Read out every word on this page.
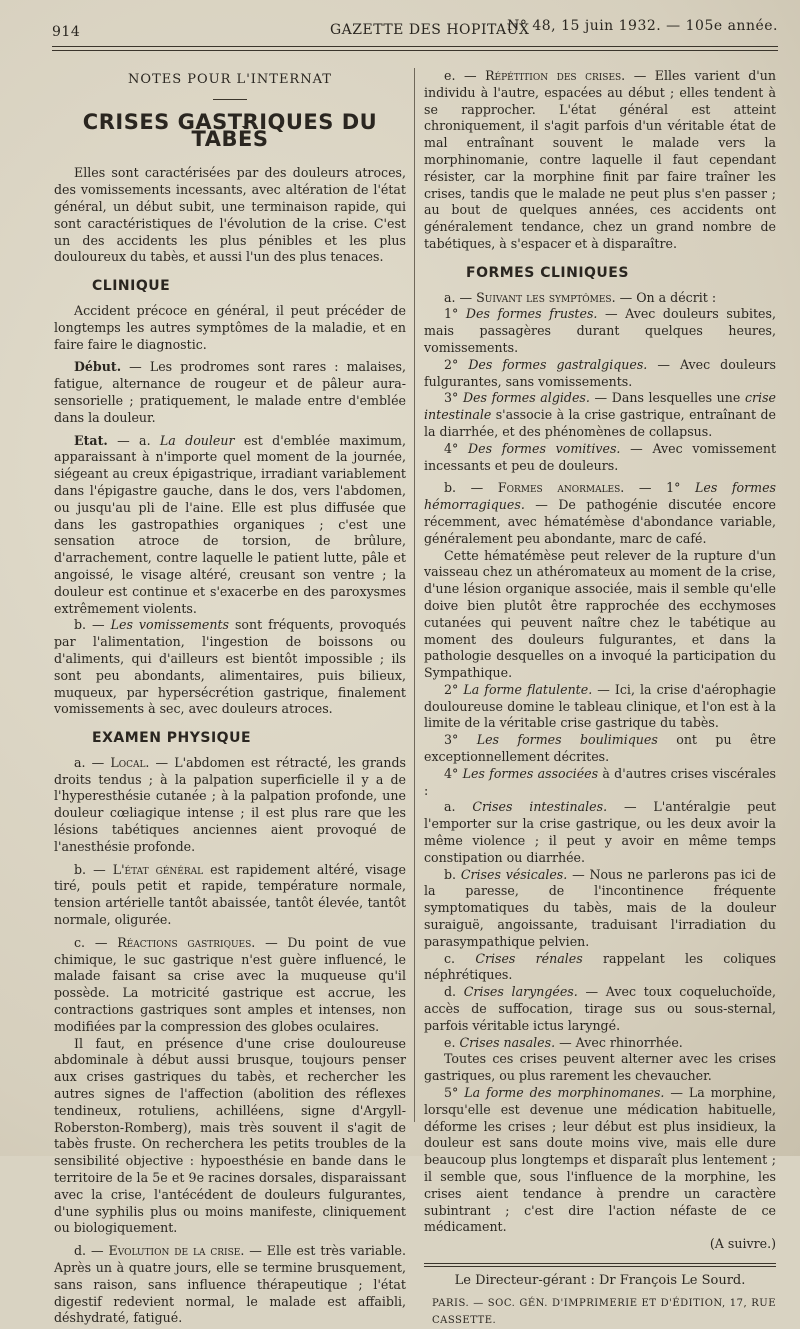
914	GAZETTE DES HOPITAUX
N° 48, 15 juin 1932. — 105e année.
NOTES POUR L'INTERNAT
CRISES GASTRIQUES DU TABÈS

Elles sont caractérisées par des douleurs atroces, des vomissements incessants, avec altération de l'état général, un début subit, une terminaison rapide, qui sont caractéristiques de l'évolution de la crise. C'est un des accidents les plus pénibles et les plus douloureux du tabès, et aussi l'un des plus tenaces.

CLINIQUE

Accident précoce en général, il peut précéder de longtemps les autres symptômes de la maladie, et en faire faire le diagnostic.

Début. — Les prodromes sont rares : malaises, fatigue, alternance de rougeur et de pâleur aura-sensorielle ; pratiquement, le malade entre d'emblée dans la douleur.

Etat. — a. La douleur est d'emblée maximum, apparaissant à n'importe quel moment de la journée, siégeant au creux épigastrique, irradiant variablement dans l'épigastre gauche, dans le dos, vers l'abdomen, ou jusqu'au pli de l'aine. Elle est plus diffusée que dans les gastropathies organiques ; c'est une sensation atroce de torsion, de brûlure, d'arrachement, contre laquelle le patient lutte, pâle et angoissé, le visage altéré, creusant son ventre ; la douleur est continue et s'exacerbe en des paroxysmes extrêmement violents.

b. — Les vomissements sont fréquents, provoqués par l'alimentation, l'ingestion de boissons ou d'aliments, qui d'ailleurs est bientôt impossible ; ils sont peu abondants, alimentaires, puis bilieux, muqueux, par hypersécrétion gastrique, finalement vomissements à sec, avec douleurs atroces.

EXAMEN PHYSIQUE

a. — Local. — L'abdomen est rétracté, les grands droits tendus ; à la palpation superficielle il y a de l'hyperesthésie cutanée ; à la palpation profonde, une douleur cœliagique intense ; il est plus rare que les lésions tabétiques anciennes aient provoqué de l'anesthésie profonde.

b. — L'état général est rapidement altéré, visage tiré, pouls petit et rapide, température normale, tension artérielle tantôt abaissée, tantôt élevée, tantôt normale, oligurée.

c. — Réactions gastriques. — Du point de vue chimique, le suc gastrique n'est guère influencé, le malade faisant sa crise avec la muqueuse qu'il possède. La motricité gastrique est accrue, les contractions gastriques sont amples et intenses, non modifiées par la compression des globes oculaires.

Il faut, en présence d'une crise douloureuse abdominale à début aussi brusque, toujours penser aux crises gastriques du tabès, et rechercher les autres signes de l'affection (abolition des réflexes tendineux, rotuliens, achilléens, signe d'Argyll-Roberston-Romberg), mais très souvent il s'agit de tabès fruste. On recherchera les petits troubles de la sensibilité objective : hypoesthésie en bande dans le territoire de la 5e et 9e racines dorsales, disparaissant avec la crise, l'antécédent de douleurs fulgurantes, d'une syphilis plus ou moins manifeste, cliniquement ou biologiquement.

d. — Evolution de la crise. — Elle est très variable. Après un à quatre jours, elle se termine brusquement, sans raison, sans influence thérapeutique ; l'état digestif redevient normal, le malade est affaibli, déshydraté, fatigué.

e. — Répétition des crises. — Elles varient d'un individu à l'autre, espacées au début ; elles tendent à se rapprocher. L'état général est atteint chroniquement, il s'agit parfois d'un véritable état de mal entraînant souvent le malade vers la morphinomanie, contre laquelle il faut cependant résister, car la morphine finit par faire traîner les crises, tandis que le malade ne peut plus s'en passer ; au bout de quelques années, ces accidents ont généralement tendance, chez un grand nombre de tabétiques, à s'espacer et à disparaître.

FORMES CLINIQUES

a. — Suivant les symptômes. — On a décrit :

1° Des formes frustes. — Avec douleurs subites, mais passagères durant quelques heures, vomissements.

2° Des formes gastralgiques. — Avec douleurs fulgurantes, sans vomissements.

3° Des formes algides. — Dans lesquelles une crise intestinale s'associe à la crise gastrique, entraînant de la diarrhée, et des phénomènes de collapsus.

4° Des formes vomitives. — Avec vomissement incessants et peu de douleurs.

b. — Formes anormales. — 1° Les formes hémorragiques. — De pathogénie discutée encore récemment, avec hématémèse d'abondance variable, généralement peu abondante, marc de café.

Cette hématémèse peut relever de la rupture d'un vaisseau chez un athéromateux au moment de la crise, d'une lésion organique associée, mais il semble qu'elle doive bien plutôt être rapprochée des ecchymoses cutanées qui peuvent naître chez le tabétique au moment des douleurs fulgurantes, et dans la pathologie desquelles on a invoqué la participation du Sympathique.

2° La forme flatulente. — Ici, la crise d'aérophagie douloureuse domine le tableau clinique, et l'on est à la limite de la véritable crise gastrique du tabès.

3° Les formes boulimiques ont pu être exceptionnellement décrites.

4° Les formes associées à d'autres crises viscérales :

a. Crises intestinales. — L'antéralgie peut l'emporter sur la crise gastrique, ou les deux avoir la même violence ; il peut y avoir en même temps constipation ou diarrhée.

b. Crises vésicales. — Nous ne parlerons pas ici de la paresse, de l'incontinence fréquente symptomatiques du tabès, mais de la douleur suraiguë, angoissante, traduisant l'irradiation du parasympathique pelvien.

c. Crises rénales rappelant les coliques néphrétiques.

d. Crises laryngées. — Avec toux coqueluchoïde, accès de suffocation, tirage sus ou sous-sternal, parfois véritable ictus laryngé.

e. Crises nasales. — Avec rhinorrhée.

Toutes ces crises peuvent alterner avec les crises gastriques, ou plus rarement les chevaucher.

5° La forme des morphinomanes. — La morphine, lorsqu'elle est devenue une médication habituelle, déforme les crises ; leur début est plus insidieux, la douleur est sans doute moins vive, mais elle dure beaucoup plus longtemps et disparaît plus lentement ; il semble que, sous l'influence de la morphine, les crises aient tendance à prendre un caractère subintrant ; c'est dire l'action néfaste de ce médicament.

(A suivre.)

Le Directeur-gérant : Dr François Le Sourd.
PARIS. — SOC. GÉN. D'IMPRIMERIE ET D'ÉDITION, 17, RUE CASSETTE.
